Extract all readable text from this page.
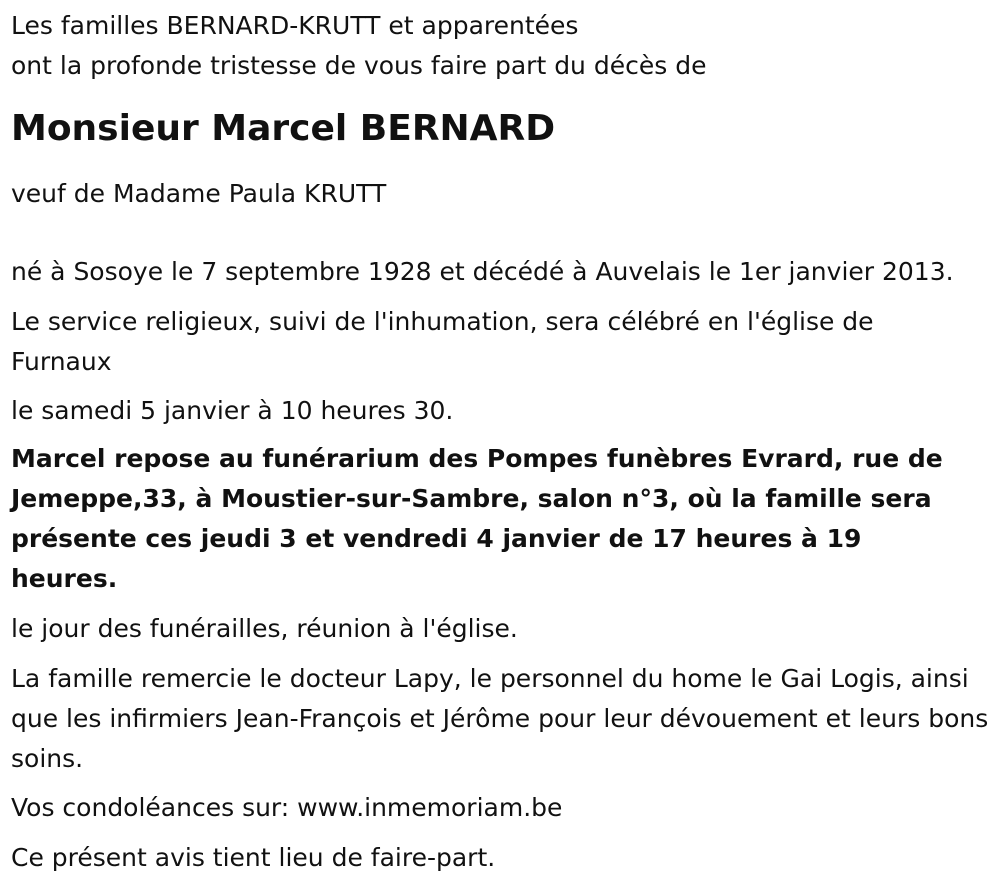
Les familles BERNARD-KRUTT et apparentées

ont la profonde tristesse de vous faire part du décès de

Monsieur Marcel BERNARD

veuf de Madame Paula KRUTT

né à Sosoye le 7 septembre 1928 et décédé à Auvelais le 1er janvier 2013.

Le service religieux, suivi de l'inhumation, sera célébré en l'église de Furnaux

le samedi 5 janvier à 10 heures 30.

Marcel repose au funérarium des Pompes funèbres Evrard, rue de Jemeppe,33, à Moustier-sur-Sambre, salon n°3, où la famille sera présente ces jeudi 3 et vendredi 4 janvier de 17 heures à 19 heures.

le jour des funérailles, réunion à l'église.

La famille remercie le docteur Lapy, le personnel du home le Gai Logis, ainsi que les infirmiers Jean-François et Jérôme pour leur dévouement et leurs bons soins.

Vos condoléances sur: www.inmemoriam.be

Ce présent avis tient lieu de faire-part.
